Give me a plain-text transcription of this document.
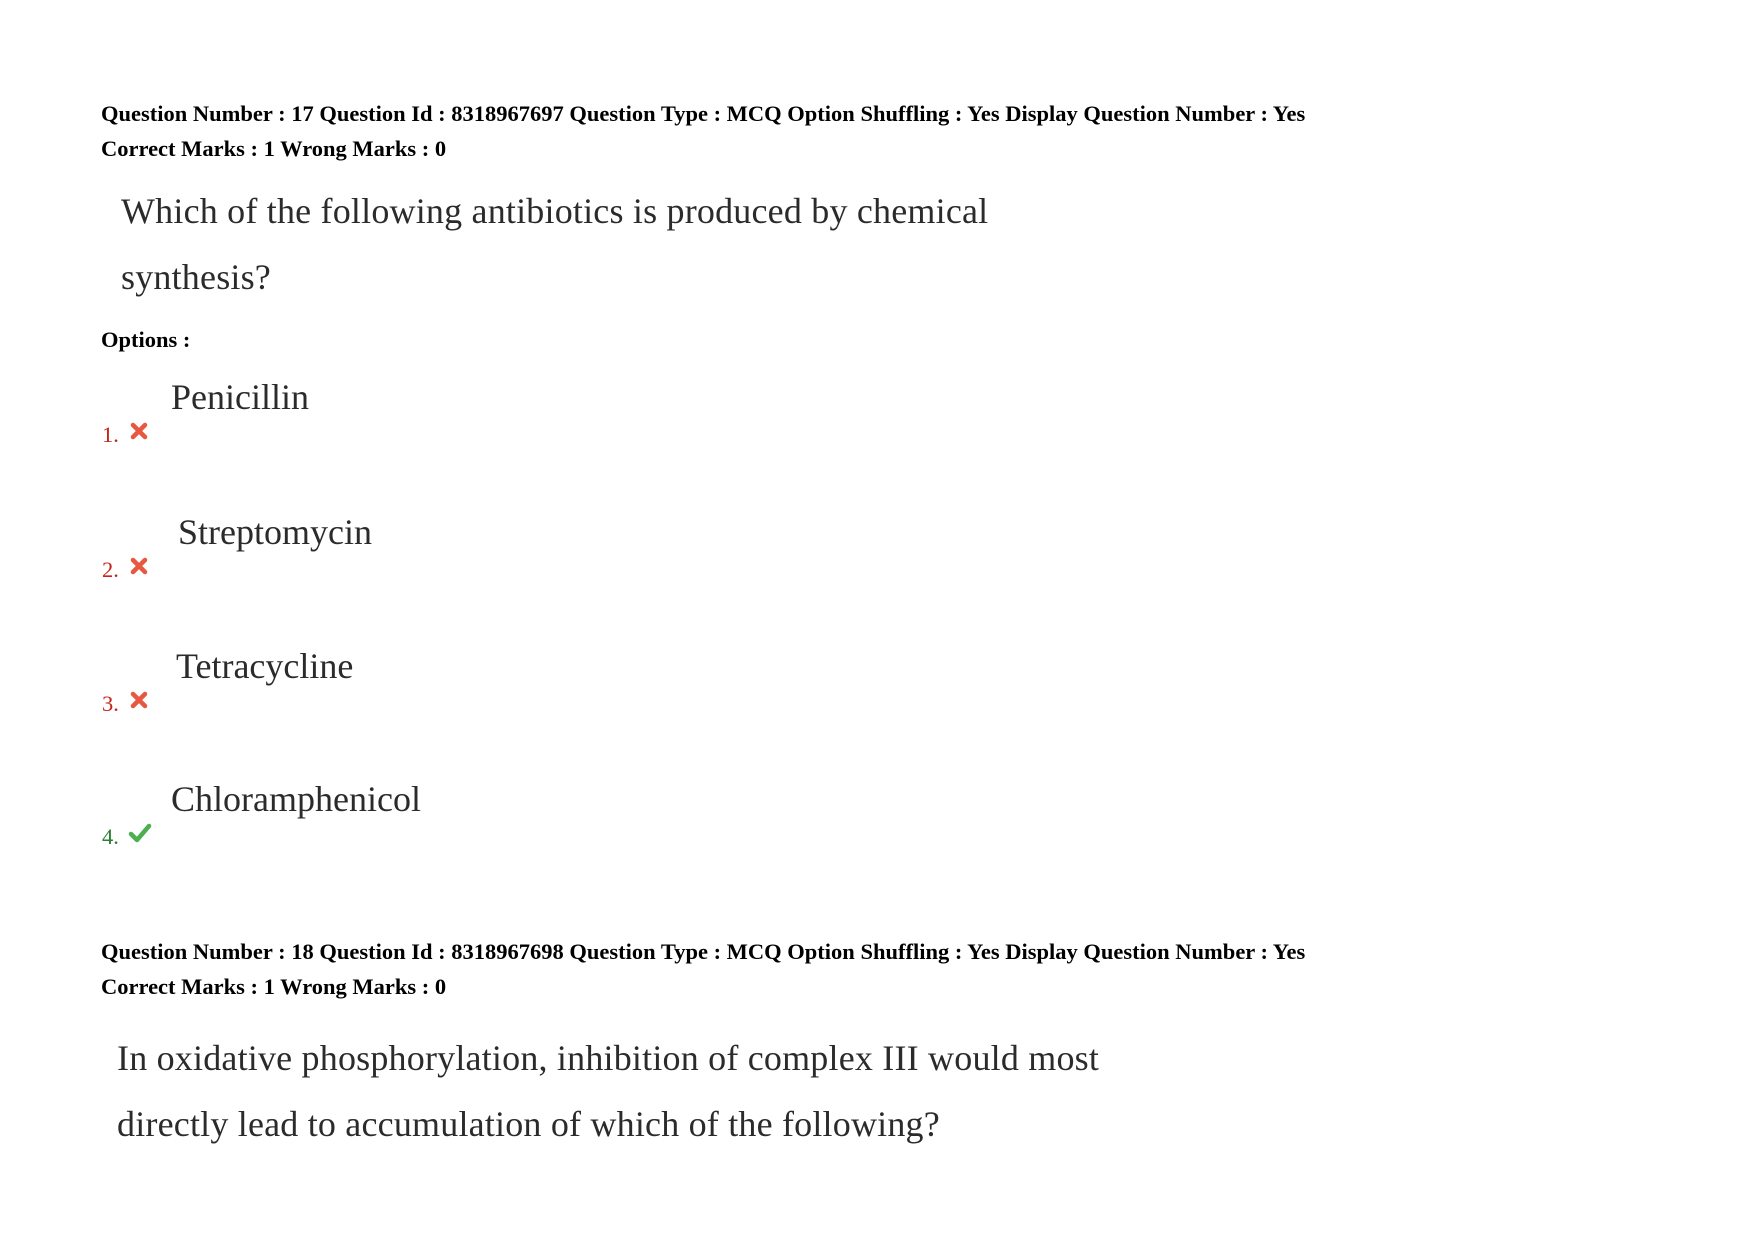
Question Number : 17 Question Id : 8318967697 Question Type : MCQ Option Shuffling : Yes Display Question Number : Yes
Correct Marks : 1 Wrong Marks : 0
Which of the following antibiotics is produced by chemical
synthesis?
Options :
Penicillin
1.
Streptomycin
2.
Tetracycline
3.
Chloramphenicol
4.
Question Number : 18 Question Id : 8318967698 Question Type : MCQ Option Shuffling : Yes Display Question Number : Yes
Correct Marks : 1 Wrong Marks : 0
In oxidative phosphorylation, inhibition of complex III would most
directly lead to accumulation of which of the following?
